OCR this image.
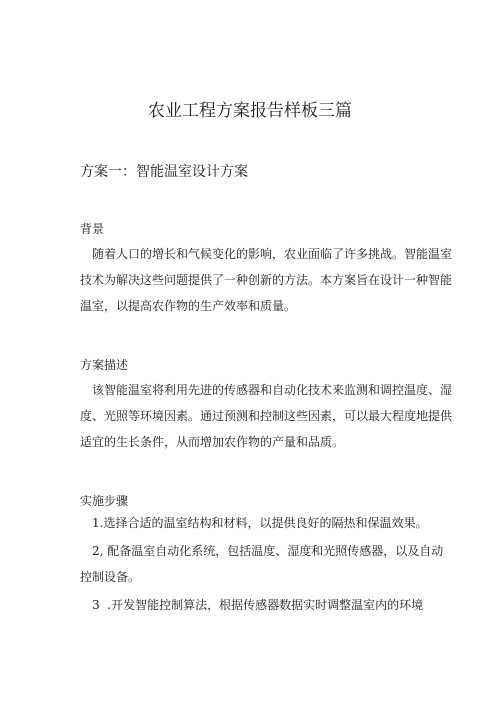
农业工程方案报告样板三篇
方案一：智能温室设计方案
背景
随着人口的增长和气候变化的影响，农业面临了许多挑战。智能温室技术为解决这些问题提供了一种创新的方法。本方案旨在设计一种智能温室，以提高农作物的生产效率和质量。
方案描述
该智能温室将利用先进的传感器和自动化技术来监测和调控温度、湿度、光照等环境因素。通过预测和控制这些因素，可以最大程度地提供适宜的生长条件，从而增加农作物的产量和品质。
实施步骤
1.选择合适的温室结构和材料，以提供良好的隔热和保温效果。
2, 配备温室自动化系统，包括温度、湿度和光照传感器，以及自动
控制设备。
3  .开发智能控制算法，根据传感器数据实时调整温室内的环境
